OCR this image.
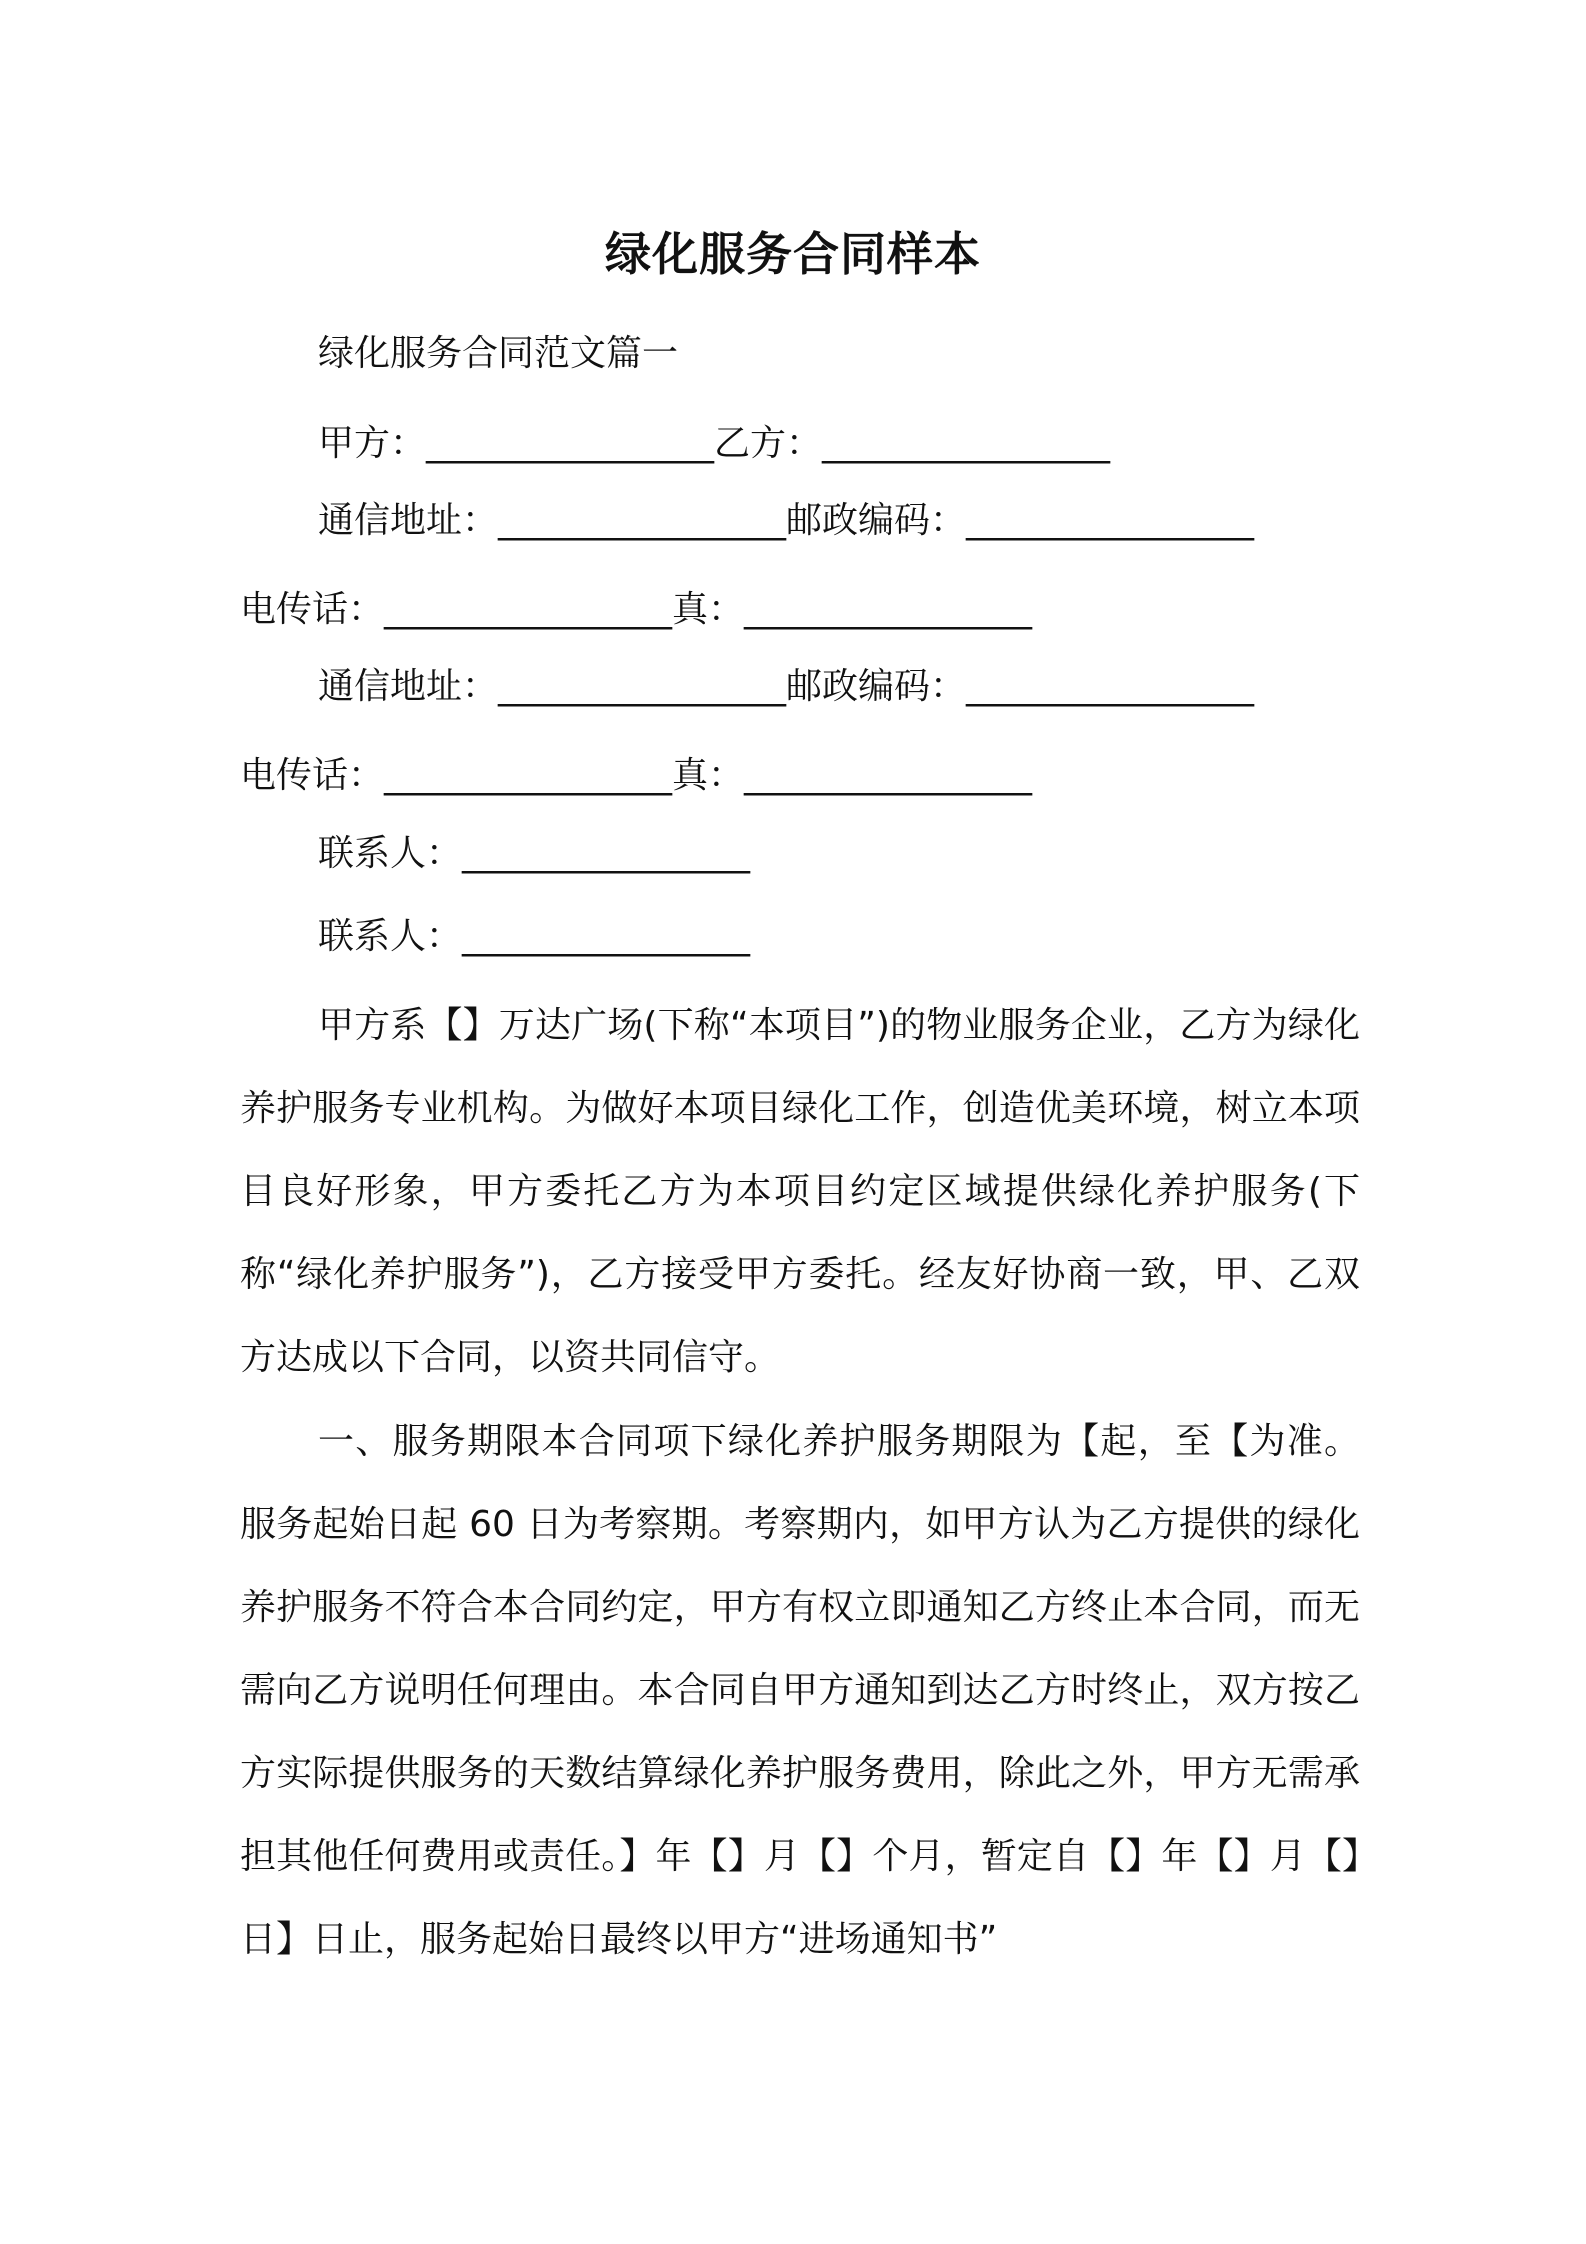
绿化服务合同样本
绿化服务合同范文篇一
甲方：________________乙方：________________
通信地址：________________邮政编码：________________
电传话：________________真：________________
通信地址：________________邮政编码：________________
电传话：________________真：________________
联系人：________________
联系人：________________

甲方系【】万达广场(下称“本项目”)的物业服务企业，乙方为绿化养护服务专业机构。为做好本项目绿化工作，创造优美环境，树立本项目良好形象，甲方委托乙方为本项目约定区域提供绿化养护服务(下称“绿化养护服务”)，乙方接受甲方委托。经友好协商一致，甲、乙双方达成以下合同，以资共同信守。

一、服务期限本合同项下绿化养护服务期限为【起，至【为准。服务起始日起 60 日为考察期。考察期内，如甲方认为乙方提供的绿化养护服务不符合本合同约定，甲方有权立即通知乙方终止本合同，而无需向乙方说明任何理由。本合同自甲方通知到达乙方时终止，双方按乙方实际提供服务的天数结算绿化养护服务费用，除此之外，甲方无需承担其他任何费用或责任。】年【】月【】个月，暂定自【】年【】月【】日】日止，服务起始日最终以甲方“进场通知书”
